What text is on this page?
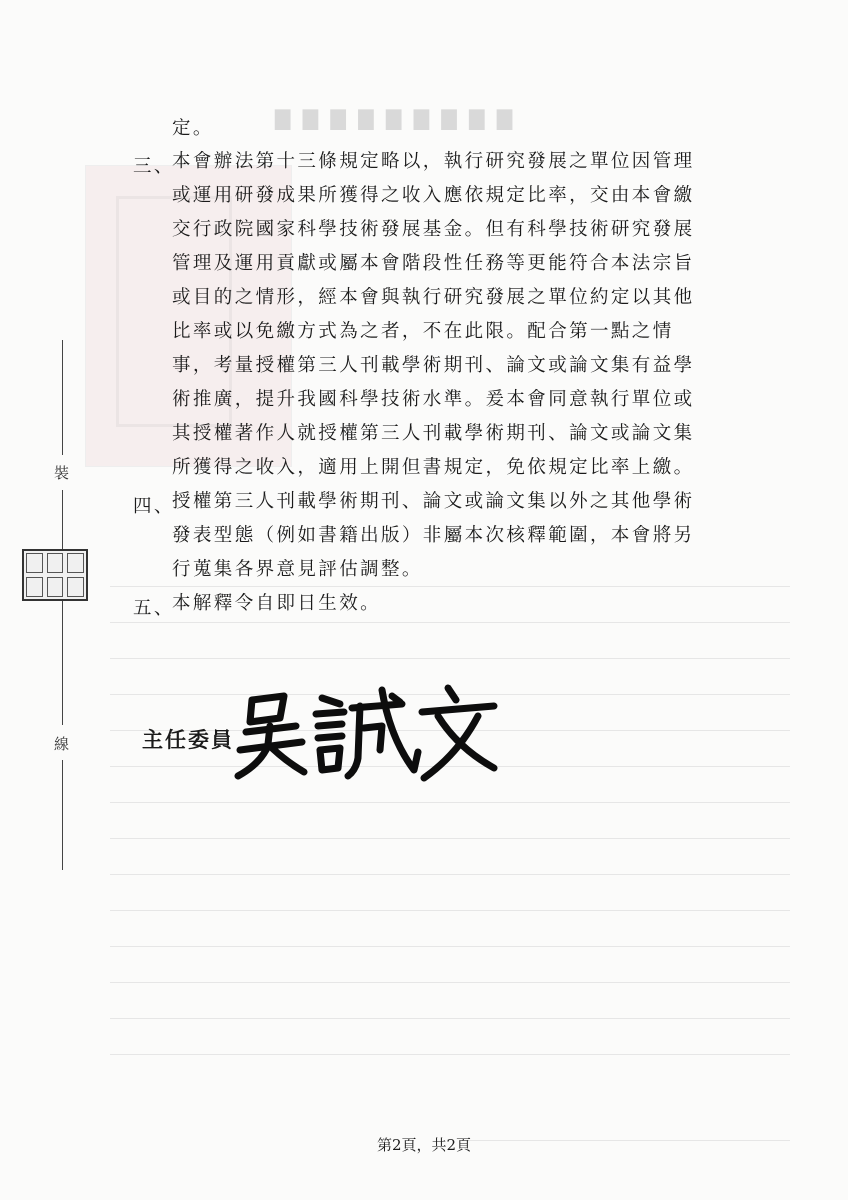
▇ ▇ ▇ ▇ ▇ ▇ ▇ ▇ ▇
裝
線
定。
三、
本會辦法第十三條規定略以，執行研究發展之單位因管理
或運用研發成果所獲得之收入應依規定比率，交由本會繳
交行政院國家科學技術發展基金。但有科學技術研究發展
管理及運用貢獻或屬本會階段性任務等更能符合本法宗旨
或目的之情形，經本會與執行研究發展之單位約定以其他
比率或以免繳方式為之者，不在此限。配合第一點之情
事，考量授權第三人刊載學術期刊、論文或論文集有益學
術推廣，提升我國科學技術水準。爰本會同意執行單位或
其授權著作人就授權第三人刊載學術期刊、論文或論文集
所獲得之收入，適用上開但書規定，免依規定比率上繳。
四、
授權第三人刊載學術期刊、論文或論文集以外之其他學術
發表型態（例如書籍出版）非屬本次核釋範圍，本會將另
行蒐集各界意見評估調整。
五、
本解釋令自即日生效。
主任委員
第2頁，共2頁
